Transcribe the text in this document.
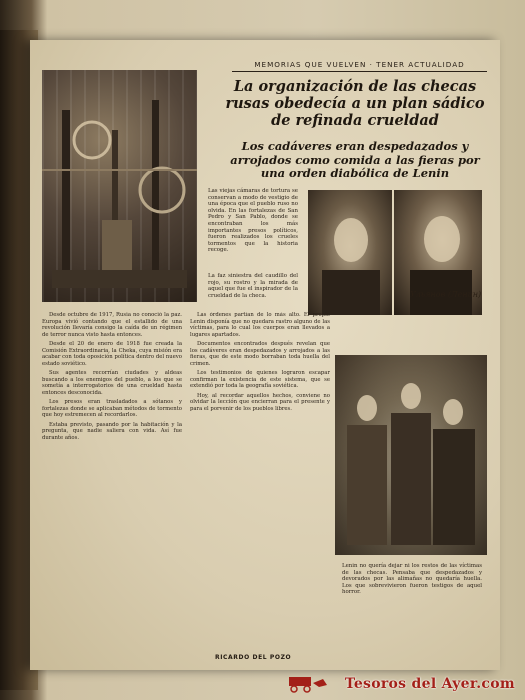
MEMORIAS QUE VUELVEN · TENER ACTUALIDAD
Las viejas cámaras de tortura se conservan a modo de vestigio de una época que el pueblo ruso no olvida. En las fortalezas de San Pedro y San Pablo, donde se encontraban los más importantes presos políticos, fueron realizados los crueles tormentos que la historia recoge.
La organización de las checas rusas obedecía a un plan sádico de refinada crueldad
Los cadáveres eran despedazados y arrojados como comida a las fieras por una orden diabólica de Lenin
Ульянов (Ленин)
La faz siniestra del caudillo del rojo, su rostro y la mirada de aquel que fue el inspirador de la crueldad de la checa.

Desde octubre de 1917, Rusia no conoció la paz. Europa vivió contando que el estallido de una revolución llevaría consigo la caída de un régimen de terror nunca visto hasta entonces.

Desde el 20 de enero de 1918 fue creada la Comisión Extraordinaria, la Cheka, cuya misión era acabar con toda oposición política dentro del nuevo estado soviético.

Sus agentes recorrían ciudades y aldeas buscando a los enemigos del pueblo, a los que se sometía a interrogatorios de una crueldad hasta entonces desconocida.

Los presos eran trasladados a sótanos y fortalezas donde se aplicaban métodos de tormento que hoy estremecen al recordarlos.

Estaba previsto, pasando por la habitación y la pregunta, que nadie saliera con vida. Así fue durante años.

Las órdenes partían de lo más alto. El propio Lenin disponía que no quedara rastro alguno de las víctimas, para lo cual los cuerpos eran llevados a lugares apartados.

Documentos encontrados después revelan que los cadáveres eran despedazados y arrojados a las fieras, que de este modo borraban toda huella del crimen.

Los testimonios de quienes lograron escapar confirman la existencia de este sistema, que se extendió por toda la geografía soviética.

Hoy, al recordar aquellos hechos, conviene no olvidar la lección que encierran para el presente y para el porvenir de los pueblos libres.

Lenin no quería dejar ni los restos de las víctimas de las checas. Pensaba que despedazados y devorados por las alimañas no quedaría huella. Los que sobrevivieron fueron testigos de aquel horror.
RICARDO DEL POZO
Tesoros del Ayer.com
